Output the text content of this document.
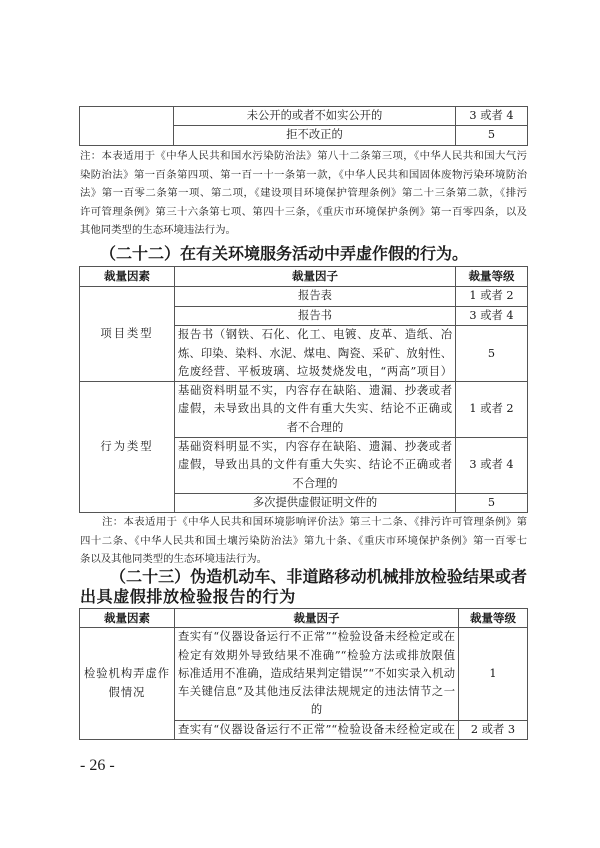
	未公开的或者不如实公开的	3 或者 4

	拒不改正的	5
注：本表适用于《中华人民共和国水污染防治法》第八十二条第三项，《中华人民共和国大气污
染防治法》第一百条第四项、第一百一十一条第一款，《中华人民共和国固体废物污染环境防治
法》第一百零二条第一项、第二项，《建设项目环境保护管理条例》第二十三条第二款，《排污
许可管理条例》第三十六条第七项、第四十三条，《重庆市环境保护条例》第一百零四条，以及
其他同类型的生态环境违法行为。
（二十二）在有关环境服务活动中弄虚作假的行为。
裁量因素	裁量因子	裁量等级
项目类型	报告表	1 或者 2

	报告书	3 或者 4

	报告书（钢铁、石化、化工、电镀、皮革、造纸、冶
炼、印染、染料、水泥、煤电、陶瓷、采矿、放射性、
危废经营、平板玻璃、垃圾焚烧发电，“两高”项目）	5
行为类型	基础资料明显不实，内容存在缺陷、遗漏、抄袭或者
虚假，未导致出具的文件有重大失实、结论不正确或
者不合理的	1 或者 2

	基础资料明显不实，内容存在缺陷、遗漏、抄袭或者
虚假，导致出具的文件有重大失实、结论不正确或者
不合理的	3 或者 4

	多次提供虚假证明文件的	5
注：本表适用于《中华人民共和国环境影响评价法》第三十二条、《排污许可管理条例》第
四十二条、《中华人民共和国土壤污染防治法》第九十条、《重庆市环境保护条例》第一百零七
条以及其他同类型的生态环境违法行为。
（二十三）伪造机动车、非道路移动机械排放检验结果或者
出具虚假排放检验报告的行为
裁量因素	裁量因子	裁量等级

检验机构弄虚作
假情况	查实有“仪器设备运行不正常”“检验设备未经检定或在
检定有效期外导致结果不准确”“检验方法或排放限值
标准适用不准确，造成结果判定错误”“不如实录入机动
车关键信息”及其他违反法律法规规定的违法情节之一
的	1

	查实有“仪器设备运行不正常”“检验设备未经检定或在	2 或者 3
- 26 -
